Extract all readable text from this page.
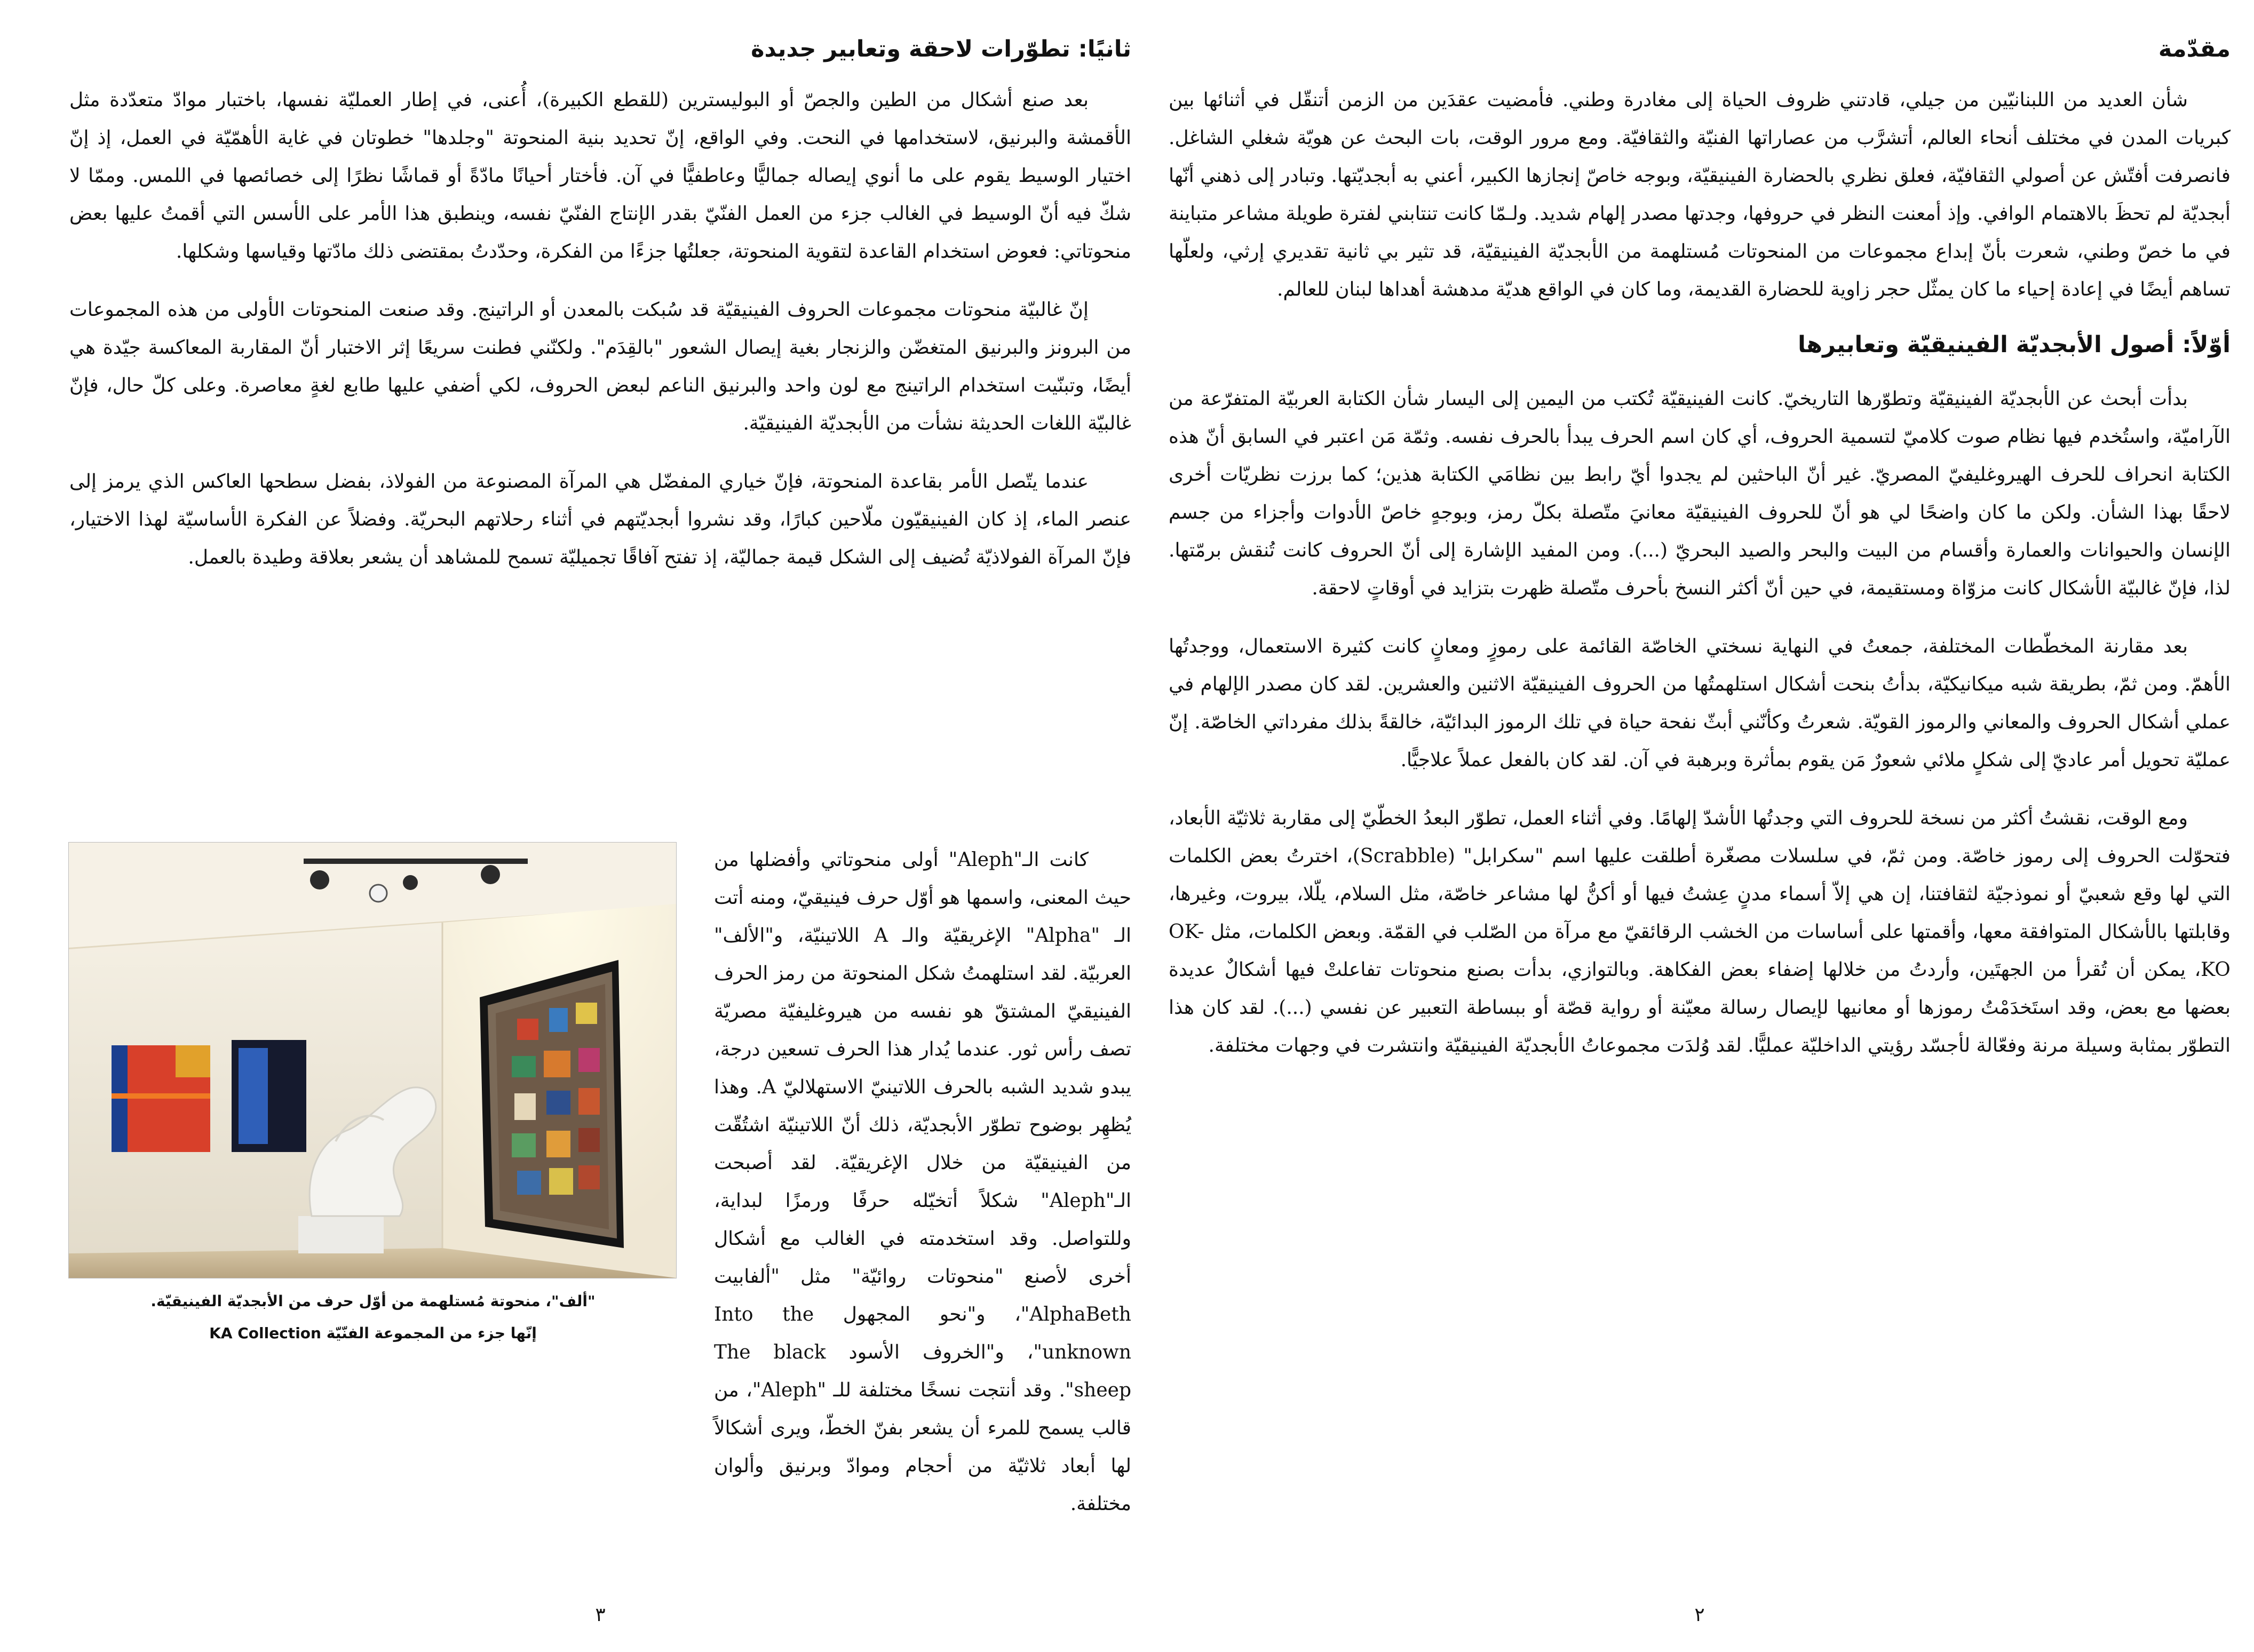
مقدّمة

شأن العديد من اللبنانيّين من جيلي، قادتني ظروف الحياة إلى مغادرة وطني. فأمضيت عقدَين من الزمن أتنقّل في أثنائها بين كبريات المدن في مختلف أنحاء العالم، أتشرَّب من عصاراتها الفنيّة والثقافيّة. ومع مرور الوقت، بات البحث عن هويّة شغلي الشاغل. فانصرفت أفتّش عن أصولي الثقافيّة، فعلق نظري بالحضارة الفينيقيّة، وبوجه خاصّ إنجازها الكبير، أعني به أبجديّتها. وتبادر إلى ذهني أنّها أبجديّة لم تحظَ بالاهتمام الوافي. وإذ أمعنت النظر في حروفها، وجدتها مصدر إلهام شديد. ولـمّا كانت تنتابني لفترة طويلة مشاعر متباينة في ما خصّ وطني، شعرت بأنّ إبداع مجموعات من المنحوتات مُستلهمة من الأبجديّة الفينيقيّة، قد تثير بي ثانية تقديري إرثي، ولعلّها تساهم أيضًا في إعادة إحياء ما كان يمثّل حجر زاوية للحضارة القديمة، وما كان في الواقع هديّة مدهشة أهداها لبنان للعالم.

أوّلاً: أصول الأبجديّة الفينيقيّة وتعابيرها

بدأت أبحث عن الأبجديّة الفينيقيّة وتطوّرها التاريخيّ. كانت الفينيقيّة تُكتب من اليمين إلى اليسار شأن الكتابة العربيّة المتفرّعة من الآراميّة، واستُخدم فيها نظام صوت كلاميّ لتسمية الحروف، أي كان اسم الحرف يبدأ بالحرف نفسه. وثمّة مَن اعتبر في السابق أنّ هذه الكتابة انحراف للحرف الهيروغليفيّ المصريّ. غير أنّ الباحثين لم يجدوا أيّ رابط بين نظامَي الكتابة هذين؛ كما برزت نظريّات أخرى لاحقًا بهذا الشأن. ولكن ما كان واضحًا لي هو أنّ للحروف الفينيقيّة معانيَ متّصلة بكلّ رمز، وبوجهٍ خاصّ الأدوات وأجزاء من جسم الإنسان والحيوانات والعمارة وأقسام من البيت والبحر والصيد البحريّ (...). ومن المفيد الإشارة إلى أنّ الحروف كانت تُنقش برمّتها. لذا، فإنّ غالبيّة الأشكال كانت مزوّاة ومستقيمة، في حين أنّ أكثر النسخ بأحرف متّصلة ظهرت بتزايد في أوقاتٍ لاحقة.

بعد مقارنة المخطّطات المختلفة، جمعتُ في النهاية نسختي الخاصّة القائمة على رموزٍ ومعانٍ كانت كثيرة الاستعمال، ووجدتُها الأهمّ. ومن ثمّ، بطريقة شبه ميكانيكيّة، بدأتُ بنحت أشكال استلهمتُها من الحروف الفينيقيّة الاثنين والعشرين. لقد كان مصدر الإلهام في عملي أشكال الحروف والمعاني والرموز القويّة. شعرتُ وكأنّني أبثّ نفحة حياة في تلك الرموز البدائيّة، خالقةً بذلك مفرداتي الخاصّة. إنّ عمليّة تحويل أمر عاديّ إلى شكلٍ ملائي شعورٌ مَن يقوم بمأثرة وبرهبة في آن. لقد كان بالفعل عملاً علاجيًّا.

ومع الوقت، نقشتُ أكثر من نسخة للحروف التي وجدتُها الأشدّ إلهامًا. وفي أثناء العمل، تطوّر البعدُ الخطّيّ إلى مقاربة ثلاثيّة الأبعاد، فتحوّلت الحروف إلى رموز خاصّة. ومن ثمّ، في سلسلات مصغّرة أطلقت عليها اسم "سكرابل" (Scrabble)، اخترتُ بعض الكلمات التي لها وقع شعبيّ أو نموذجيّة لثقافتنا، إن هي إلاّ أسماء مدنٍ عِشتُ فيها أو أكنُّ لها مشاعر خاصّة، مثل السلام، يلّلا، بيروت، وغيرها، وقابلتها بالأشكال المتوافقة معها، وأقمتها على أساسات من الخشب الرقائقيّ مع مرآة من الصّلب في القمّة. وبعض الكلمات، مثل OK-KO، يمكن أن تُقرأ من الجهتَين، وأردتُ من خلالها إضفاء بعض الفكاهة. وبالتوازي، بدأت بصنع منحوتات تفاعلتْ فيها أشكالٌ عديدة بعضها مع بعض، وقد استَخدَمْتُ رموزها أو معانيها لإيصال رسالة معيّنة أو رواية قصّة أو ببساطة التعبير عن نفسي (...). لقد كان هذا التطوّر بمثابة وسيلة مرنة وفعّالة لأجسّد رؤيتي الداخليّة عمليًّا. لقد وُلدَت مجموعاتُ الأبجديّة الفينيقيّة وانتشرت في وجهات مختلفة.

٢
ثانيًا: تطوّرات لاحقة وتعابير جديدة

بعد صنع أشكال من الطين والجصّ أو البوليسترين (للقطع الكبيرة)، أُعنى، في إطار العمليّة نفسها، باختبار موادّ متعدّدة مثل الأقمشة والبرنيق، لاستخدامها في النحت. وفي الواقع، إنّ تحديد بنية المنحوتة "وجلدها" خطوتان في غاية الأهمّيّة في العمل، إذ إنّ اختيار الوسيط يقوم على ما أنوي إيصاله جماليًّا وعاطفيًّا في آن. فأختار أحيانًا مادّةً أو قماشًا نظرًا إلى خصائصها في اللمس. وممّا لا شكّ فيه أنّ الوسيط في الغالب جزء من العمل الفنّيّ بقدر الإنتاج الفنّيّ نفسه، وينطبق هذا الأمر على الأسس التي أقمتُ عليها بعض منحوتاتي: فعوض استخدام القاعدة لتقوية المنحوتة، جعلتُها جزءًا من الفكرة، وحدّدتُ بمقتضى ذلك مادّتها وقياسها وشكلها.

إنّ غالبيّة منحوتات مجموعات الحروف الفينيقيّة قد سُبكت بالمعدن أو الراتينج. وقد صنعت المنحوتات الأولى من هذه المجموعات من البرونز والبرنيق المتغضّن والزنجار بغية إيصال الشعور "بالقِدَم". ولكنّني فطنت سريعًا إثر الاختبار أنّ المقاربة المعاكسة جيّدة هي أيضًا، وتبنّيت استخدام الراتينج مع لون واحد والبرنيق الناعم لبعض الحروف، لكي أضفي عليها طابع لغةٍ معاصرة. وعلى كلّ حال، فإنّ غالبيّة اللغات الحديثة نشأت من الأبجديّة الفينيقيّة.

عندما يتّصل الأمر بقاعدة المنحوتة، فإنّ خياري المفضّل هي المرآة المصنوعة من الفولاذ، بفضل سطحها العاكس الذي يرمز إلى عنصر الماء، إذ كان الفينيقيّون ملّاحين كبارًا، وقد نشروا أبجديّتهم في أثناء رحلاتهم البحريّة. وفضلاً عن الفكرة الأساسيّة لهذا الاختيار، فإنّ المرآة الفولاذيّة تُضيف إلى الشكل قيمة جماليّة، إذ تفتح آفاقًا تجميليّة تسمح للمشاهد أن يشعر بعلاقة وطيدة بالعمل.

"ألف"، منحوتة مُستلهمة من أوّل حرف من الأبجديّة الفينيقيّة.
إنّها جزء من المجموعة الفنّيّة KA Collection

كانت الـ"Aleph" أولى منحوتاتي وأفضلها من حيث المعنى، واسمها هو أوّل حرف فينيقيّ، ومنه أتت الـ "Alpha" الإغريقيّة والـ A اللاتينيّة، و"الألف" العربيّة. لقد استلهمتُ شكل المنحوتة من رمز الحرف الفينيقيّ المشتقّ هو نفسه من هيروغليفيّة مصريّة تصف رأس ثور. عندما يُدار هذا الحرف تسعين درجة، يبدو شديد الشبه بالحرف اللاتينيّ الاستهلاليّ A. وهذا يُظهِر بوضوح تطوّر الأبجديّة، ذلك أنّ اللاتينيّة اشتُقّت من الفينيقيّة من خلال الإغريقيّة. لقد أصبحت الـ"Aleph" شكلاً أتخيّله حرفًا ورمزًا لبداية، وللتواصل. وقد استخدمته في الغالب مع أشكال أخرى لأصنع "منحوتات روائيّة" مثل "ألفابيت AlphaBeth"، و"نحو المجهول Into the unknown"، و"الخروف الأسود The black sheep". وقد أنتجت نسخًا مختلفة للـ "Aleph"، من قالب يسمح للمرء أن يشعر بفنّ الخطّ، ويرى أشكالاً لها أبعاد ثلاثيّة من أحجام وموادّ وبرنيق وألوان مختلفة.

٣
